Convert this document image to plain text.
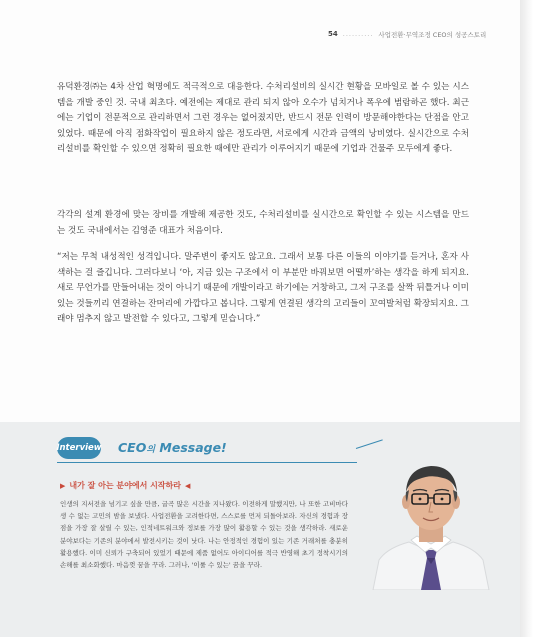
54 .......... 사업전환·무역조정 CEO의 성공스토리
유덕환경㈜는 4차 산업 혁명에도 적극적으로 대응한다. 수처리설비의 실시간 현황을 모바일로 볼 수 있는 시스템을 개발 중인 것. 국내 최초다. 예전에는 제대로 관리 되지 않아 오수가 넘치거나 폭우에 범람하곤 했다. 최근에는 기업이 전문적으로 관리하면서 그런 경우는 없어졌지만, 반드시 전문 인력이 방문해야한다는 단점을 안고 있었다. 때문에 아직 점화작업이 필요하지 않은 정도라면, 서로에게 시간과 금액의 낭비였다. 실시간으로 수처리설비를 확인할 수 있으면 정확히 필요한 때에만 관리가 이루어지기 때문에 기업과 건물주 모두에게 좋다.
각각의 설계 환경에 맞는 장비를 개발해 제공한 것도, 수처리설비를 실시간으로 확인할 수 있는 시스템을 만드는 것도 국내에서는 김영준 대표가 처음이다.
“저는 무척 내성적인 성격입니다. 말주변이 좋지도 않고요. 그래서 보통 다른 이들의 이야기를 듣거나, 혼자 사색하는 걸 즐깁니다. 그러다보니 ‘아, 지금 있는 구조에서 이 부분만 바꿔보면 어떨까’하는 생각을 하게 되지요. 새로 무언가를 만들어내는 것이 아니기 때문에 개발이라고 하기에는 거창하고, 그저 구조를 살짝 뒤틀거나 이미 있는 것들끼리 연결하는 잔머리에 가깝다고 봅니다. 그렇게 연결된 생각의 고리들이 꼬여발처럼 확장되지요. 그래야 멈추지 않고 발전할 수 있다고, 그렇게 믿습니다.”
Interview CEO의 Message!
▶ 내가 잘 아는 분야에서 시작하라 ◀
인생의 지서전을 넘기고 싶을 만큼, 굽곡 많은 시간을 지나왔다. 이전하게 말했지만, 나 또한 고비마다 생 수 없는 고민의 밤을 보냈다. 사업전환을 고려한다면, 스스로를 먼저 되돌아보라. 자신의 경험과 장점을 가장 잘 살릴 수 있는, 인적네트워크와 정보를 가장 많이 활용할 수 있는 것을 생각하라. 새로운 분야보다는 기존의 분야에서 발전시키는 것이 낫다. 나는 안정적인 경험이 있는 기존 거래처를 충분히 활용했다. 이미 신뢰가 구축되어 있었기 때문에 제품 없어도 아이디어를 적극 반영해 초기 정착시기의 손해를 최소화했다. 마음껏 꿈을 꾸라. 그러나, '이룰 수 있는' 꿈을 꾸라.
